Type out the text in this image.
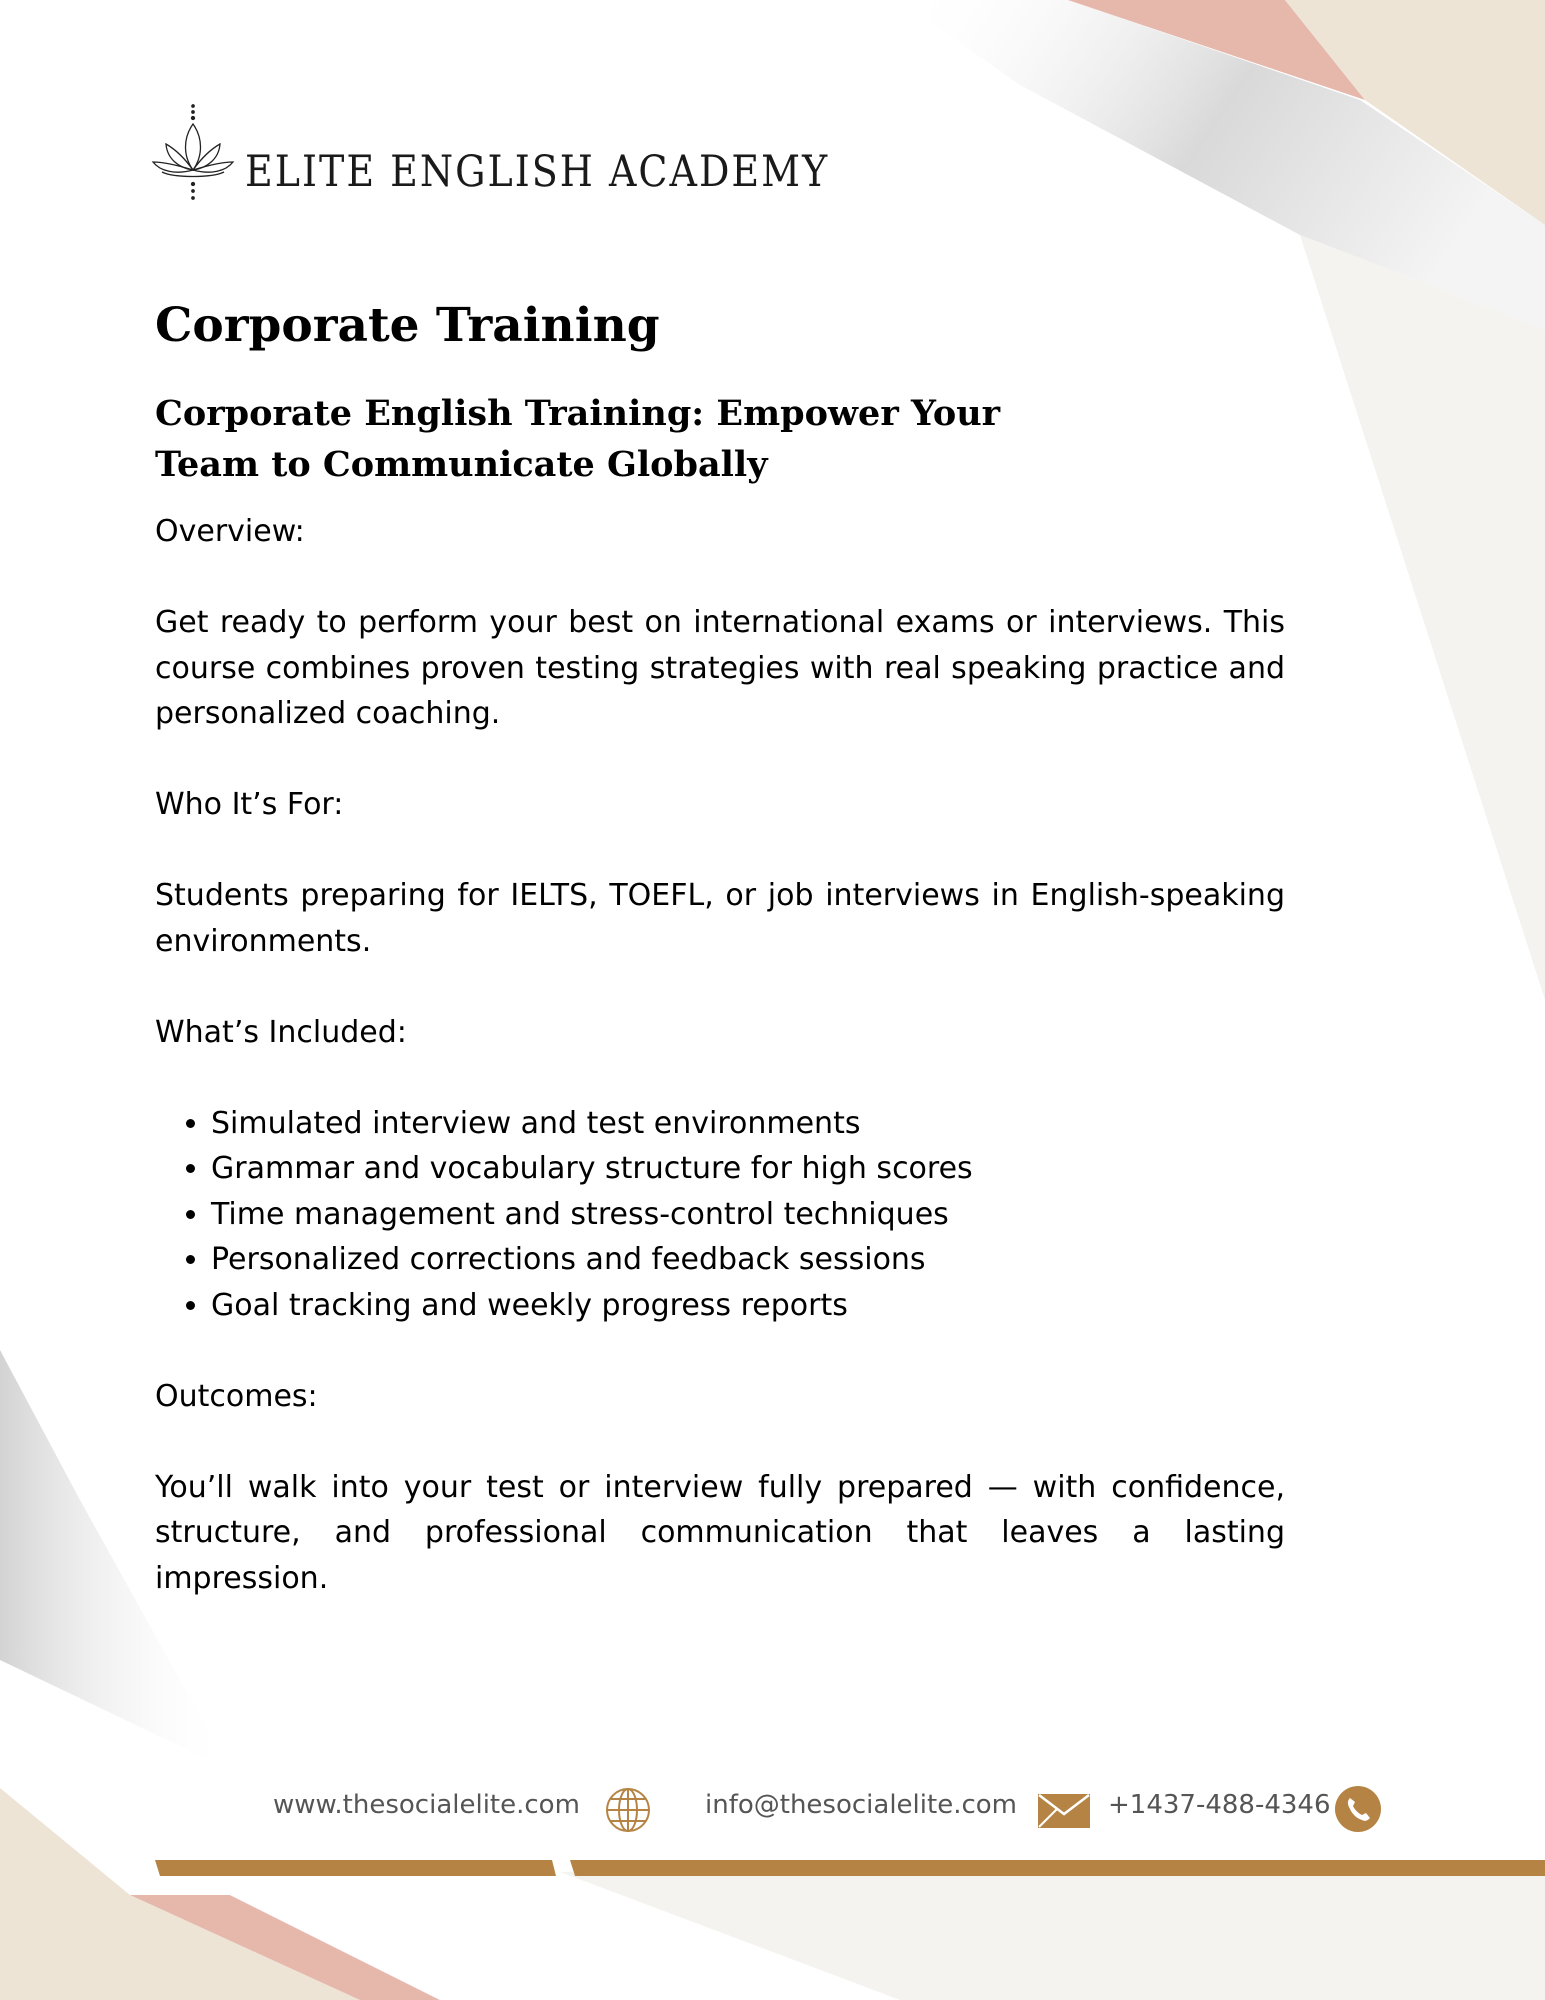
ELITE ENGLISH ACADEMY
Corporate Training
Corporate English Training: Empower Your Team to Communicate Globally

Overview:

Get ready to perform your best on international exams or interviews. This course combines proven testing strategies with real speaking practice and personalized coaching.

Who It’s For:

Students preparing for IELTS, TOEFL, or job interviews in English-speaking environments.

What’s Included:

• Simulated interview and test environments
• Grammar and vocabulary structure for high scores
• Time management and stress-control techniques
• Personalized corrections and feedback sessions
• Goal tracking and weekly progress reports

Outcomes:

You’ll walk into your test or interview fully prepared — with confidence, structure, and professional communication that leaves a lasting impression.

www.thesocialelite.com	info@thesocialelite.com	+1437-488-4346
